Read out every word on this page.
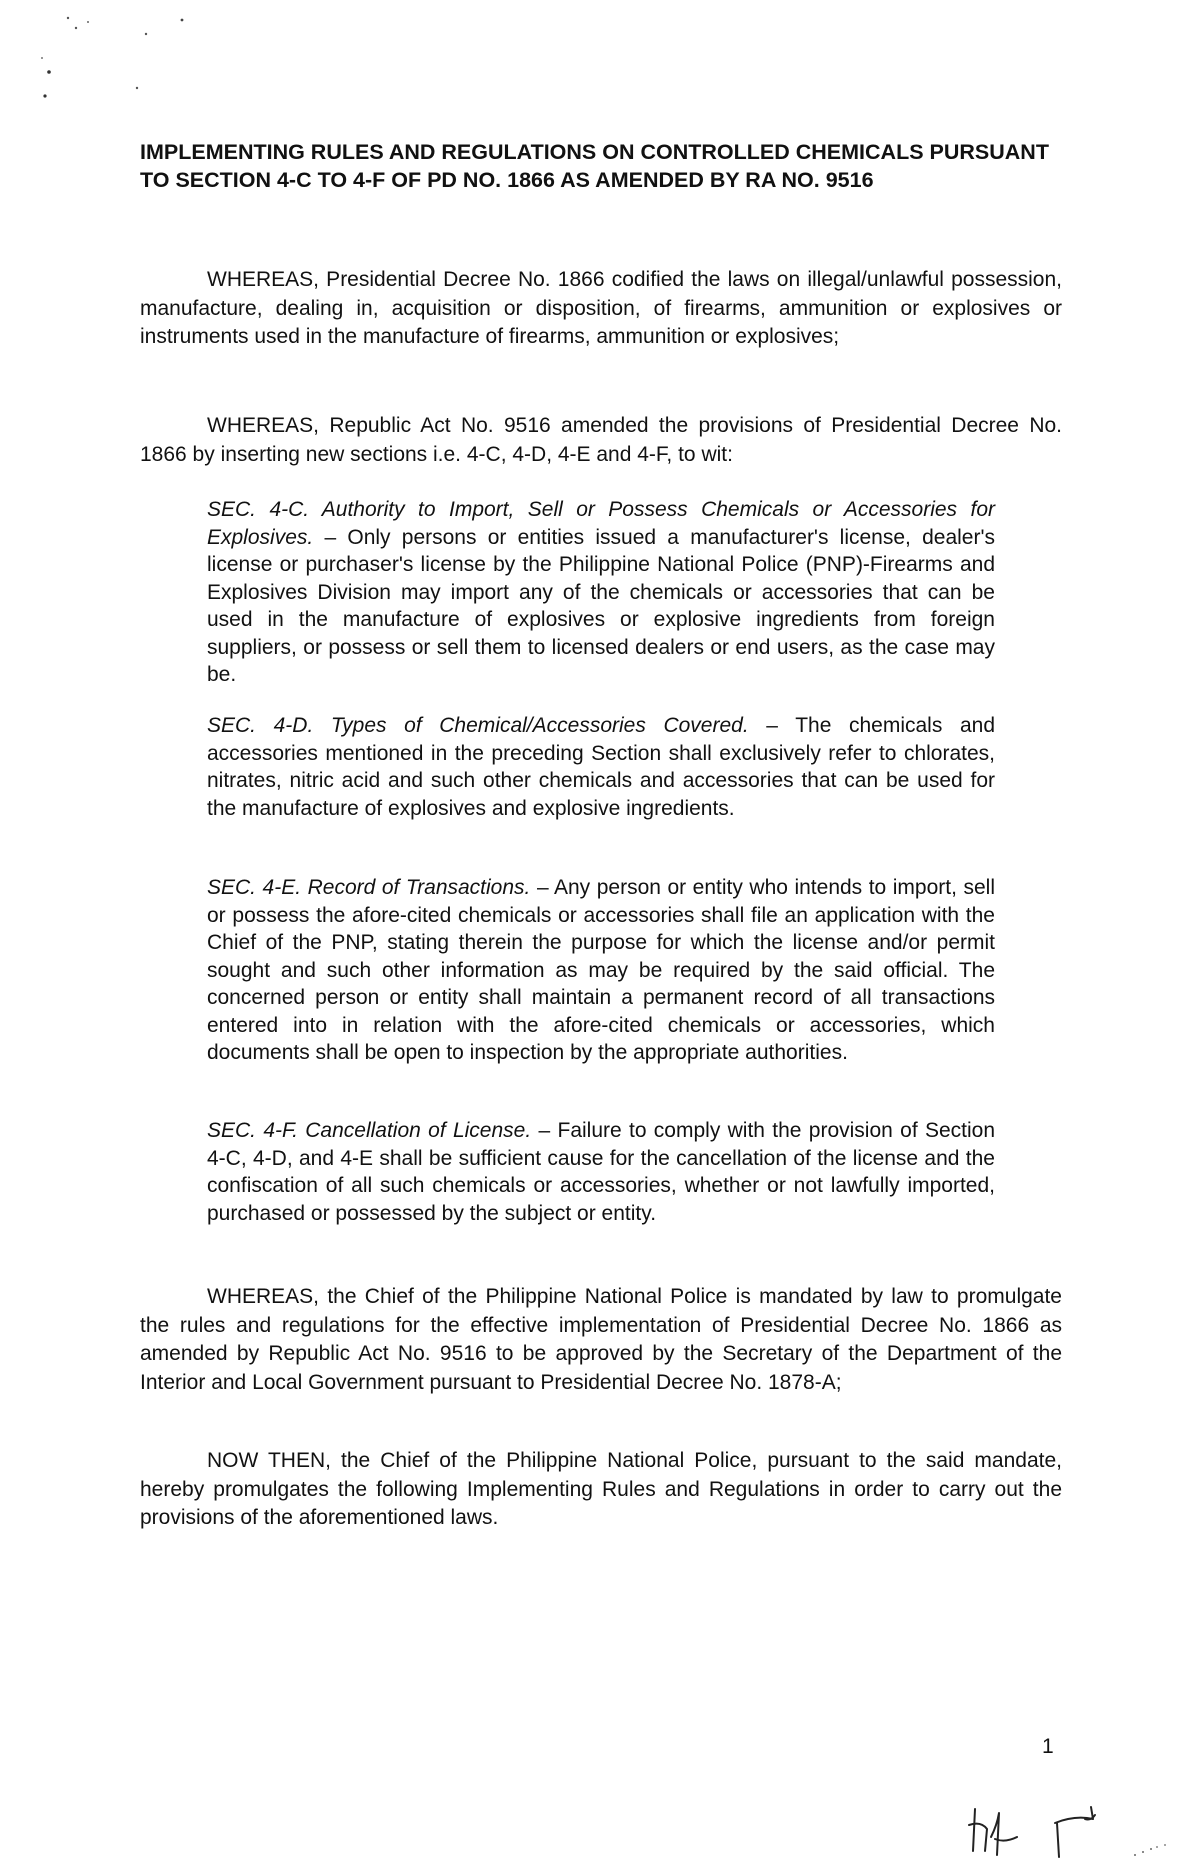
IMPLEMENTING RULES AND REGULATIONS ON CONTROLLED CHEMICALS PURSUANT TO SECTION 4-C TO 4-F OF PD NO. 1866 AS AMENDED BY RA NO. 9516

WHEREAS, Presidential Decree No. 1866 codified the laws on illegal/unlawful possession, manufacture, dealing in, acquisition or disposition, of firearms, ammunition or explosives or instruments used in the manufacture of firearms, ammunition or explosives;

WHEREAS, Republic Act No. 9516 amended the provisions of Presidential Decree No. 1866 by inserting new sections i.e. 4-C, 4-D, 4-E and 4-F, to wit:

SEC. 4-C. Authority to Import, Sell or Possess Chemicals or Accessories for Explosives. – Only persons or entities issued a manufacturer's license, dealer's license or purchaser's license by the Philippine National Police (PNP)-Firearms and Explosives Division may import any of the chemicals or accessories that can be used in the manufacture of explosives or explosive ingredients from foreign suppliers, or possess or sell them to licensed dealers or end users, as the case may be.

SEC. 4-D. Types of Chemical/Accessories Covered. – The chemicals and accessories mentioned in the preceding Section shall exclusively refer to chlorates, nitrates, nitric acid and such other chemicals and accessories that can be used for the manufacture of explosives and explosive ingredients.

SEC. 4-E. Record of Transactions. – Any person or entity who intends to import, sell or possess the afore-cited chemicals or accessories shall file an application with the Chief of the PNP, stating therein the purpose for which the license and/or permit sought and such other information as may be required by the said official. The concerned person or entity shall maintain a permanent record of all transactions entered into in relation with the afore-cited chemicals or accessories, which documents shall be open to inspection by the appropriate authorities.

SEC. 4-F. Cancellation of License. – Failure to comply with the provision of Section 4-C, 4-D, and 4-E shall be sufficient cause for the cancellation of the license and the confiscation of all such chemicals or accessories, whether or not lawfully imported, purchased or possessed by the subject or entity.

WHEREAS, the Chief of the Philippine National Police is mandated by law to promulgate the rules and regulations for the effective implementation of Presidential Decree No. 1866 as amended by Republic Act No. 9516 to be approved by the Secretary of the Department of the Interior and Local Government pursuant to Presidential Decree No. 1878-A;

NOW THEN, the Chief of the Philippine National Police, pursuant to the said mandate, hereby promulgates the following Implementing Rules and Regulations in order to carry out the provisions of the aforementioned laws.

1
